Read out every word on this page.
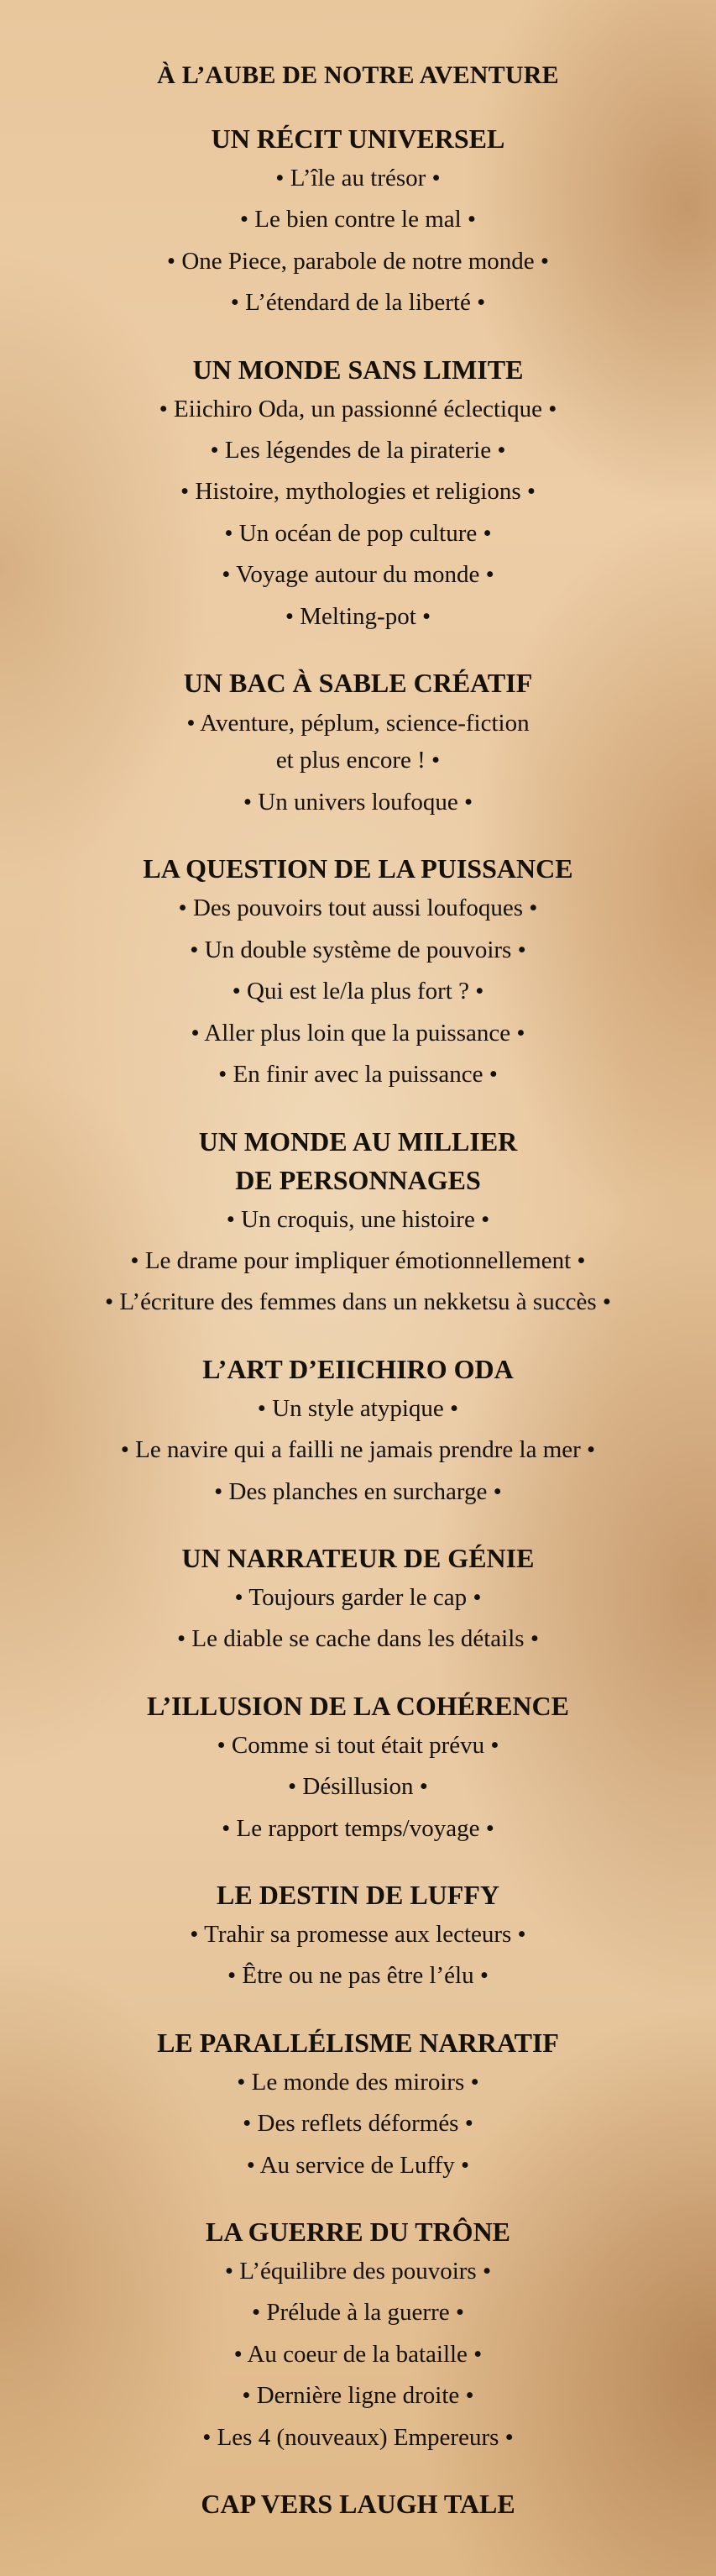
À L’AUBE DE NOTRE AVENTURE
UN RÉCIT UNIVERSEL
• L’île au trésor •
• Le bien contre le mal •
• One Piece, parabole de notre monde •
• L’étendard de la liberté •
UN MONDE SANS LIMITE
• Eiichiro Oda, un passionné éclectique •
• Les légendes de la piraterie •
• Histoire, mythologies et religions •
• Un océan de pop culture •
• Voyage autour du monde •
• Melting-pot •
UN BAC À SABLE CRÉATIF
• Aventure, péplum, science-fiction
et plus encore ! •
• Un univers loufoque •
LA QUESTION DE LA PUISSANCE
• Des pouvoirs tout aussi loufoques •
• Un double système de pouvoirs •
• Qui est le/la plus fort ? •
• Aller plus loin que la puissance •
• En finir avec la puissance •
UN MONDE AU MILLIER
DE PERSONNAGES
• Un croquis, une histoire •
• Le drame pour impliquer émotionnellement •
• L’écriture des femmes dans un nekketsu à succès •
L’ART D’EIICHIRO ODA
• Un style atypique •
• Le navire qui a failli ne jamais prendre la mer •
• Des planches en surcharge •
UN NARRATEUR DE GÉNIE
• Toujours garder le cap •
• Le diable se cache dans les détails •
L’ILLUSION DE LA COHÉRENCE
• Comme si tout était prévu •
• Désillusion •
• Le rapport temps/voyage •
LE DESTIN DE LUFFY
• Trahir sa promesse aux lecteurs •
• Être ou ne pas être l’élu •
LE PARALLÉLISME NARRATIF
• Le monde des miroirs •
• Des reflets déformés •
• Au service de Luffy •
LA GUERRE DU TRÔNE
• L’équilibre des pouvoirs •
• Prélude à la guerre •
• Au coeur de la bataille •
• Dernière ligne droite •
• Les 4 (nouveaux) Empereurs •
CAP VERS LAUGH TALE
